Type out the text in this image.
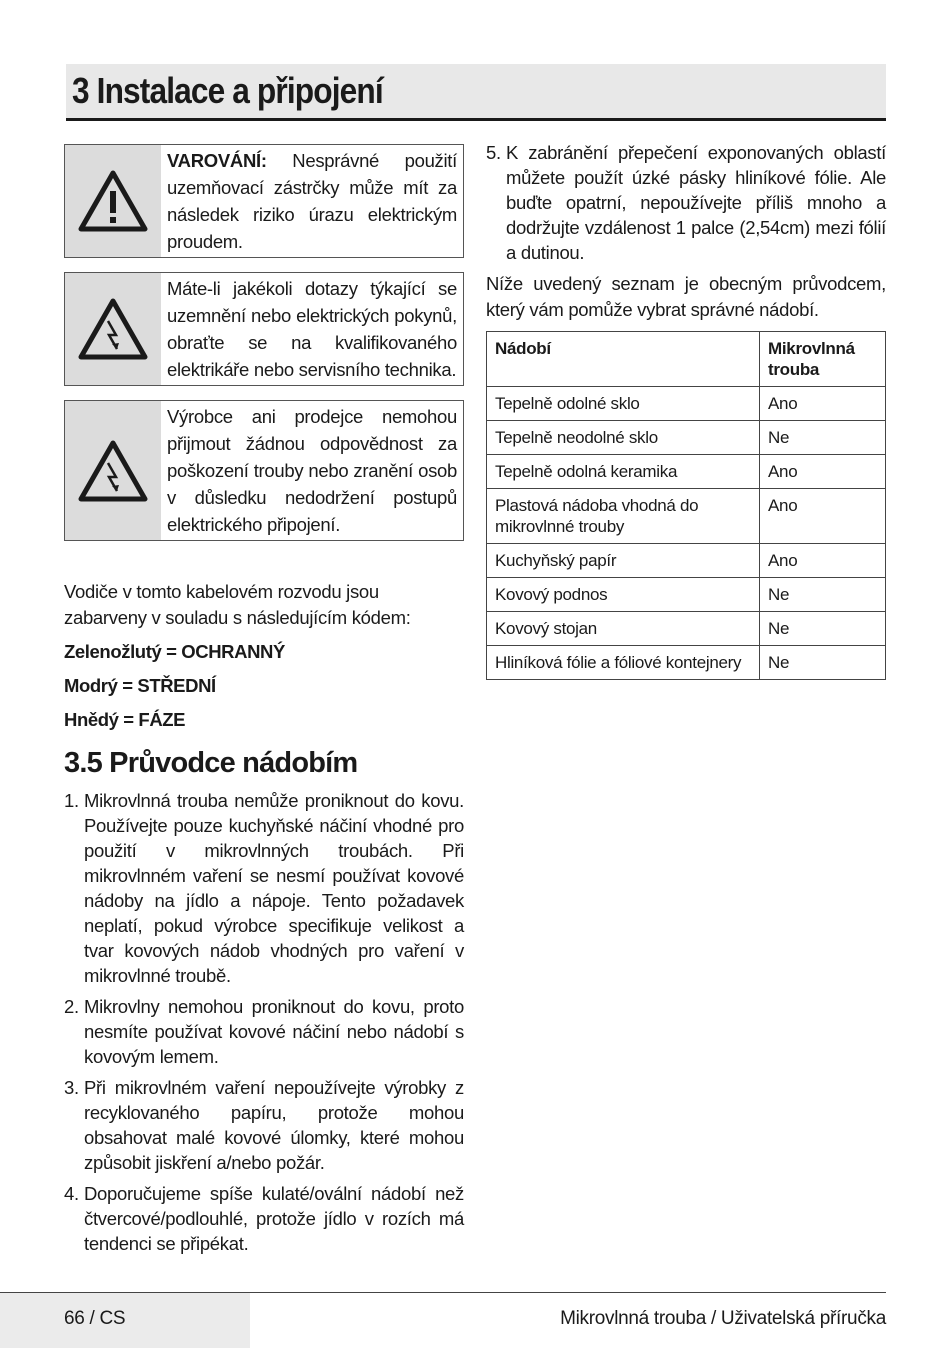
3 Instalace a připojení
VAROVÁNÍ: Nesprávné použití uzemňovací zástrčky může mít za následek riziko úrazu elektrickým proudem.
Máte-li jakékoli dotazy týkající se uzemnění nebo elektrických pokynů, obraťte se na kvalifikovaného elektrikáře nebo servisního technika.
Výrobce ani prodejce nemohou přijmout žádnou odpovědnost za poškození trouby nebo zranění osob v důsledku nedodržení postupů elektrického připojení.

Vodiče v tomto kabelovém rozvodu jsou zabarveny v souladu s následujícím kódem:

Zelenožlutý = OCHRANNÝ

Modrý = STŘEDNÍ

Hnědý = FÁZE

3.5 Průvodce nádobím
1. Mikrovlnná trouba nemůže proniknout do kovu. Používejte pouze kuchyňské náčiní vhodné pro použití v mikrovlnných troubách. Při mikrovlnném vaření se nesmí používat kovové nádoby na jídlo a nápoje. Tento požadavek neplatí, pokud výrobce specifikuje velikost a tvar kovových nádob vhodných pro vaření v mikrovlnné troubě.
2. Mikrovlny nemohou proniknout do kovu, proto nesmíte používat kovové náčiní nebo nádobí s kovovým lemem.
3. Při mikrovlném vaření nepoužívejte výrobky z recyklovaného papíru, protože mohou obsahovat malé kovové úlomky, které mohou způsobit jiskření a/nebo požár.
4. Doporučujeme spíše kulaté/ovální nádobí než čtvercové/podlouhlé, protože jídlo v rozích má tendenci se připékat.
5. K zabránění přepečení exponovaných oblastí můžete použít úzké pásky hliníkové fólie. Ale buďte opatrní, nepoužívejte příliš mnoho a dodržujte vzdálenost 1 palce (2,54cm) mezi fólií a dutinou.

Níže uvedený seznam je obecným průvodcem, který vám pomůže vybrat správné nádobí.

Nádobí	Mikrovlnná trouba
Tepelně odolné sklo	Ano
Tepelně neodolné sklo	Ne
Tepelně odolná keramika	Ano
Plastová nádoba vhodná do mikrovlnné trouby	Ano
Kuchyňský papír	Ano
Kovový podnos	Ne
Kovový stojan	Ne
Hliníková fólie a fóliové kontejnery	Ne
66 / CS	Mikrovlnná trouba / Uživatelská příručka
